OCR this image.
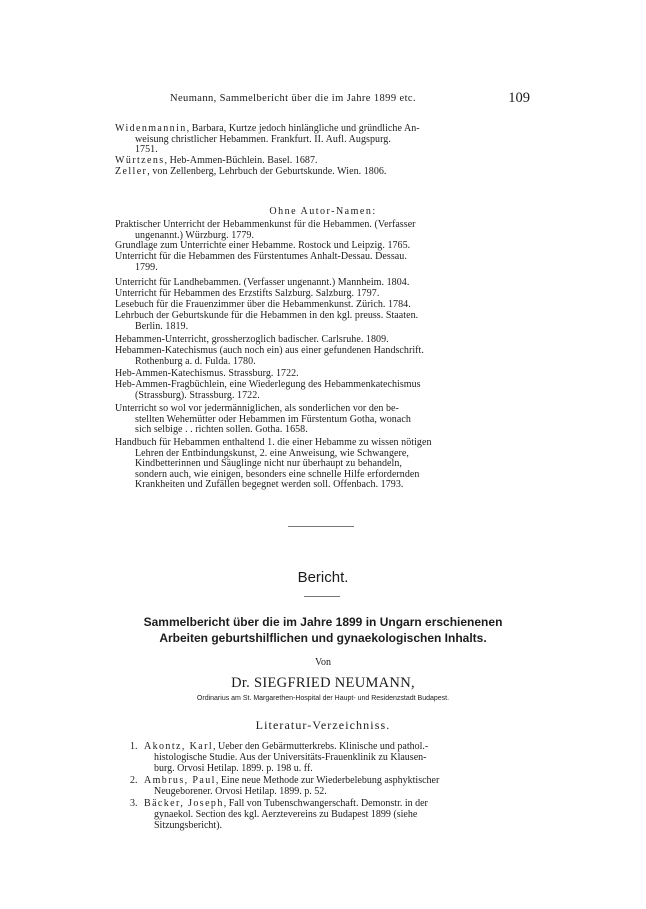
Neumann, Sammelbericht über die im Jahre 1899 etc.	109
Widenmannin, Barbara, Kurtze jedoch hinlängliche und gründliche An-
weisung christlicher Hebammen. Frankfurt. II. Aufl. Augspurg.
1751.
Würtzens, Heb-Ammen-Büchlein. Basel. 1687.
Zeller, von Zellenberg, Lehrbuch der Geburtskunde. Wien. 1806.
Ohne Autor-Namen:
Praktischer Unterricht der Hebammenkunst für die Hebammen. (Verfasser
ungenannt.) Würzburg. 1779.
Grundlage zum Unterrichte einer Hebamme. Rostock und Leipzig. 1765.
Unterricht für die Hebammen des Fürstentumes Anhalt-Dessau. Dessau.
1799.
Unterricht für Landhebammen. (Verfasser ungenannt.) Mannheim. 1804.
Unterricht für Hebammen des Erzstifts Salzburg. Salzburg. 1797.
Lesebuch für die Frauenzimmer über die Hebammenkunst. Zürich. 1784.
Lehrbuch der Geburtskunde für die Hebammen in den kgl. preuss. Staaten.
Berlin. 1819.
Hebammen-Unterricht, grossherzoglich badischer. Carlsruhe. 1809.
Hebammen-Katechismus (auch noch ein) aus einer gefundenen Handschrift.
Rothenburg a. d. Fulda. 1780.
Heb-Ammen-Katechismus. Strassburg. 1722.
Heb-Ammen-Fragbüchlein, eine Wiederlegung des Hebammenkatechismus
(Strassburg). Strassburg. 1722.
Unterricht so wol vor jedermänniglichen, als sonderlichen vor den be-
stellten Wehemütter oder Hebammen im Fürstentum Gotha, wonach
sich selbige . . richten sollen. Gotha. 1658.
Handbuch für Hebammen enthaltend 1. die einer Hebamme zu wissen nötigen
Lehren der Entbindungskunst, 2. eine Anweisung, wie Schwangere,
Kindbetterinnen und Säuglinge nicht nur überhaupt zu behandeln,
sondern auch, wie einigen, besonders eine schnelle Hilfe erfordernden
Krankheiten und Zufällen begegnet werden soll. Offenbach. 1793.
Bericht.
Sammelbericht über die im Jahre 1899 in Ungarn erschienenen
Arbeiten geburtshilflichen und gynaekologischen Inhalts.
Von
Dr. SIEGFRIED NEUMANN,
Ordinarius am St. Margarethen-Hospital der Haupt- und Residenzstadt Budapest.
Literatur-Verzeichniss.
1. Akontz, Karl, Ueber den Gebärmutterkrebs. Klinische und pathol.-
histologische Studie. Aus der Universitäts-Frauenklinik zu Klausen-
burg. Orvosi Hetilap. 1899. p. 198 u. ff.
2. Ambrus, Paul, Eine neue Methode zur Wiederbelebung asphyktischer
Neugeborener. Orvosi Hetilap. 1899. p. 52.
3. Bäcker, Joseph, Fall von Tubenschwangerschaft. Demonstr. in der
gynaekol. Section des kgl. Aerztevereins zu Budapest 1899 (siehe
Sitzungsbericht).
